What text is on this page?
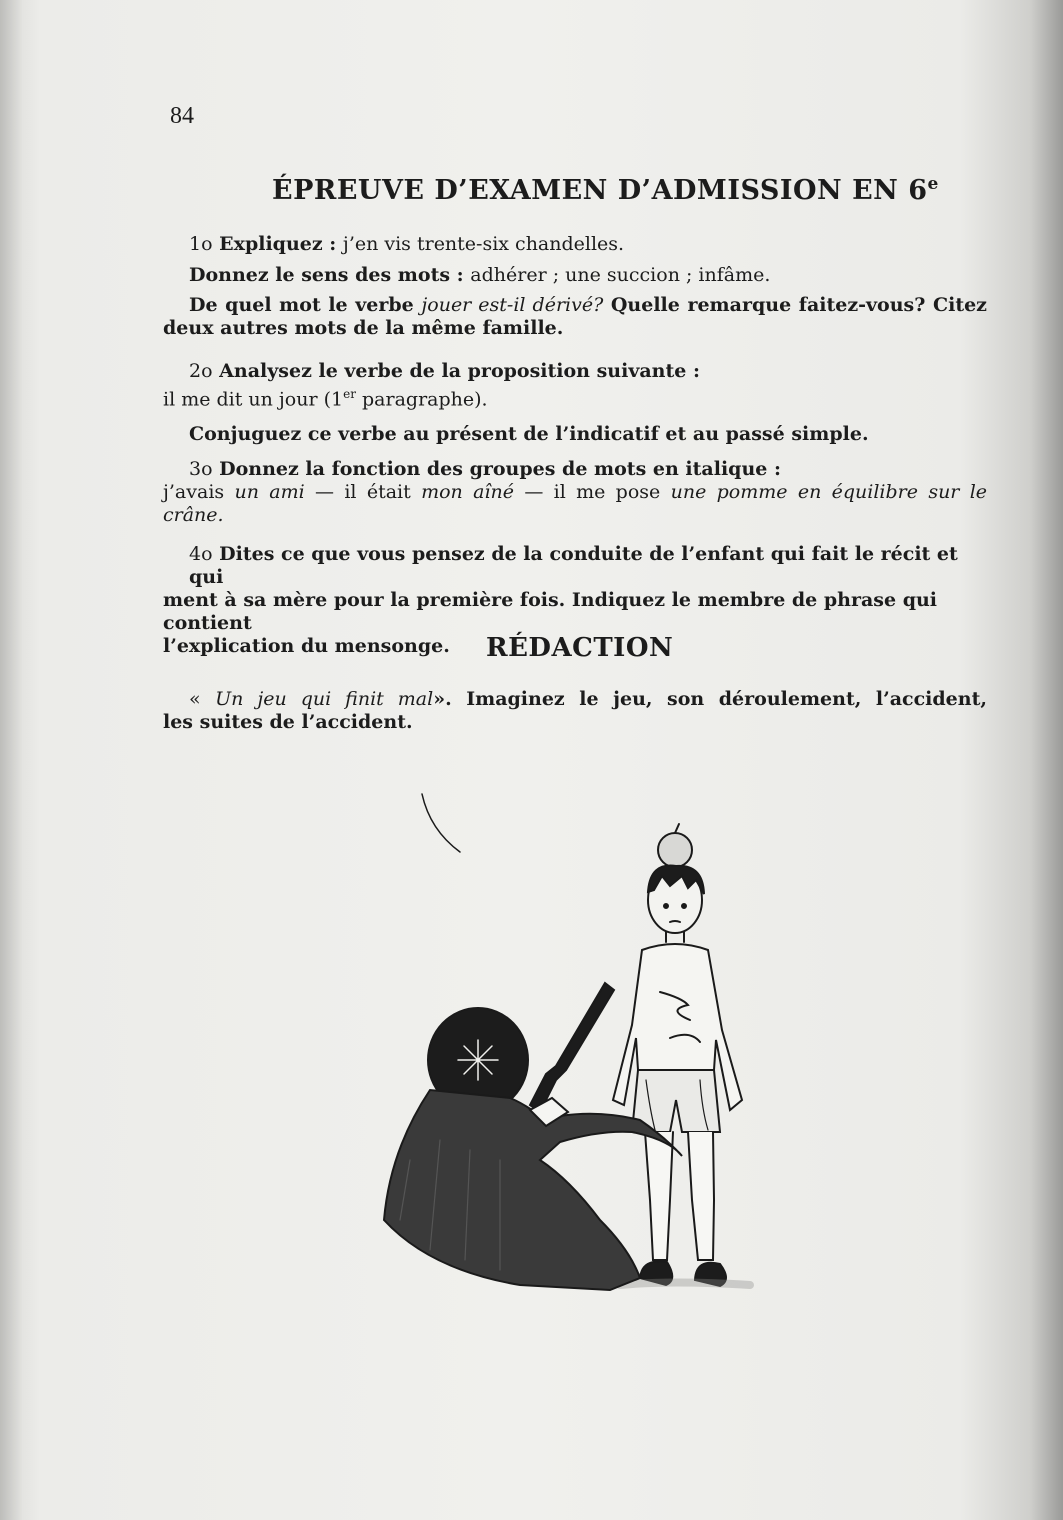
84
ÉPREUVE D’EXAMEN D’ADMISSION EN 6e
1o Expliquez : j’en vis trente-six chandelles.
Donnez le sens des mots : adhérer ; une succion ; infâme.
De quel mot le verbe jouer est-il dérivé? Quelle remarque faitez-vous? Citez
deux autres mots de la même famille.
2o Analysez le verbe de la proposition suivante :
il me dit un jour (1er paragraphe).
Conjuguez ce verbe au présent de l’indicatif et au passé simple.
3o Donnez la fonction des groupes de mots en italique :
j’avais un ami — il était mon aîné — il me pose une pomme en équilibre sur le
crâne.
4o Dites ce que vous pensez de la conduite de l’enfant qui fait le récit et qui
ment à sa mère pour la première fois. Indiquez le membre de phrase qui contient
l’explication du mensonge.	RÉDACTION
« Un jeu qui finit mal». Imaginez le jeu, son déroulement, l’accident,
les suites de l’accident.
